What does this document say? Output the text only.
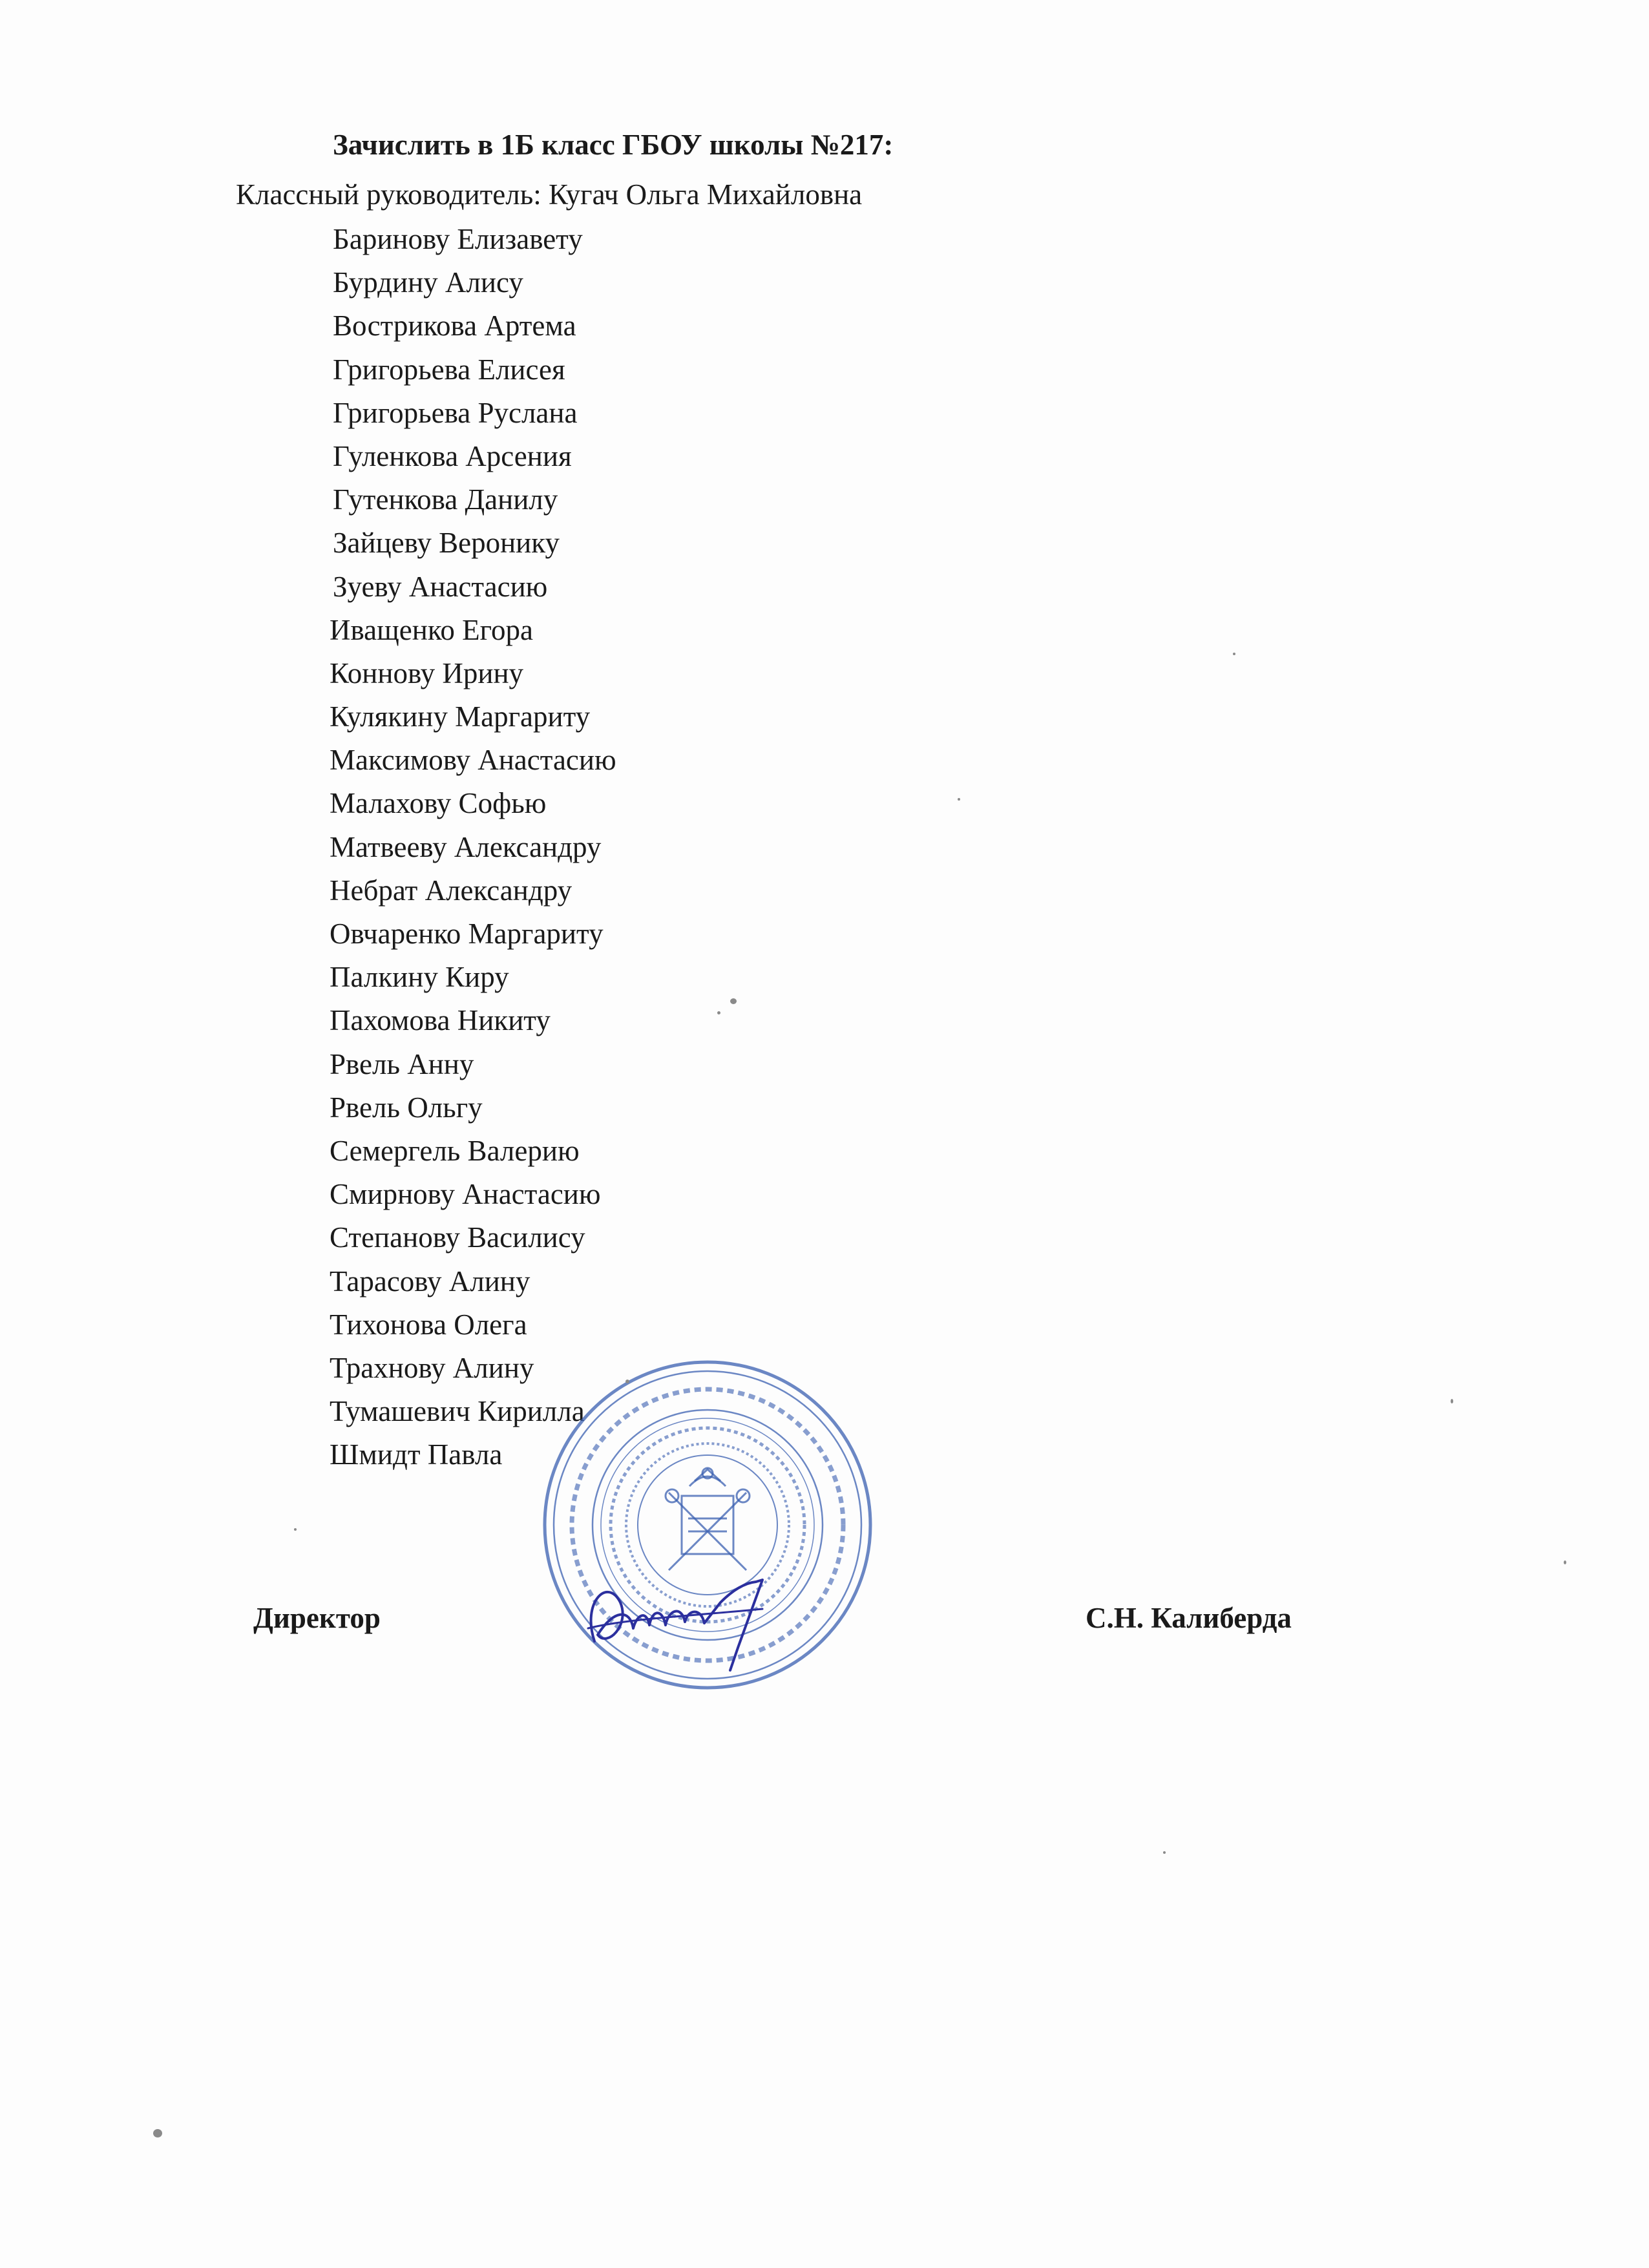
Зачислить в 1Б класс ГБОУ школы №217:
Классный руководитель: Кугач Ольга Михайловна
Баринову Елизавету
Бурдину Алису
Вострикова Артема
Григорьева Елисея
Григорьева Руслана
Гуленкова Арсения
Гутенкова Данилу
Зайцеву Веронику
Зуеву Анастасию
Иващенко Егора
Коннову Ирину
Кулякину Маргариту
Максимову Анастасию
Малахову Софью
Матвееву Александру
Небрат Александру
Овчаренко Маргариту
Палкину Киру
Пахомова Никиту
Рвель Анну
Рвель Ольгу
Семергель Валерию
Смирнову Анастасию
Степанову Василису
Тарасову Алину
Тихонова Олега
Трахнову Алину
Тумашевич Кирилла
Шмидт Павла
Директор	С.Н. Калиберда
